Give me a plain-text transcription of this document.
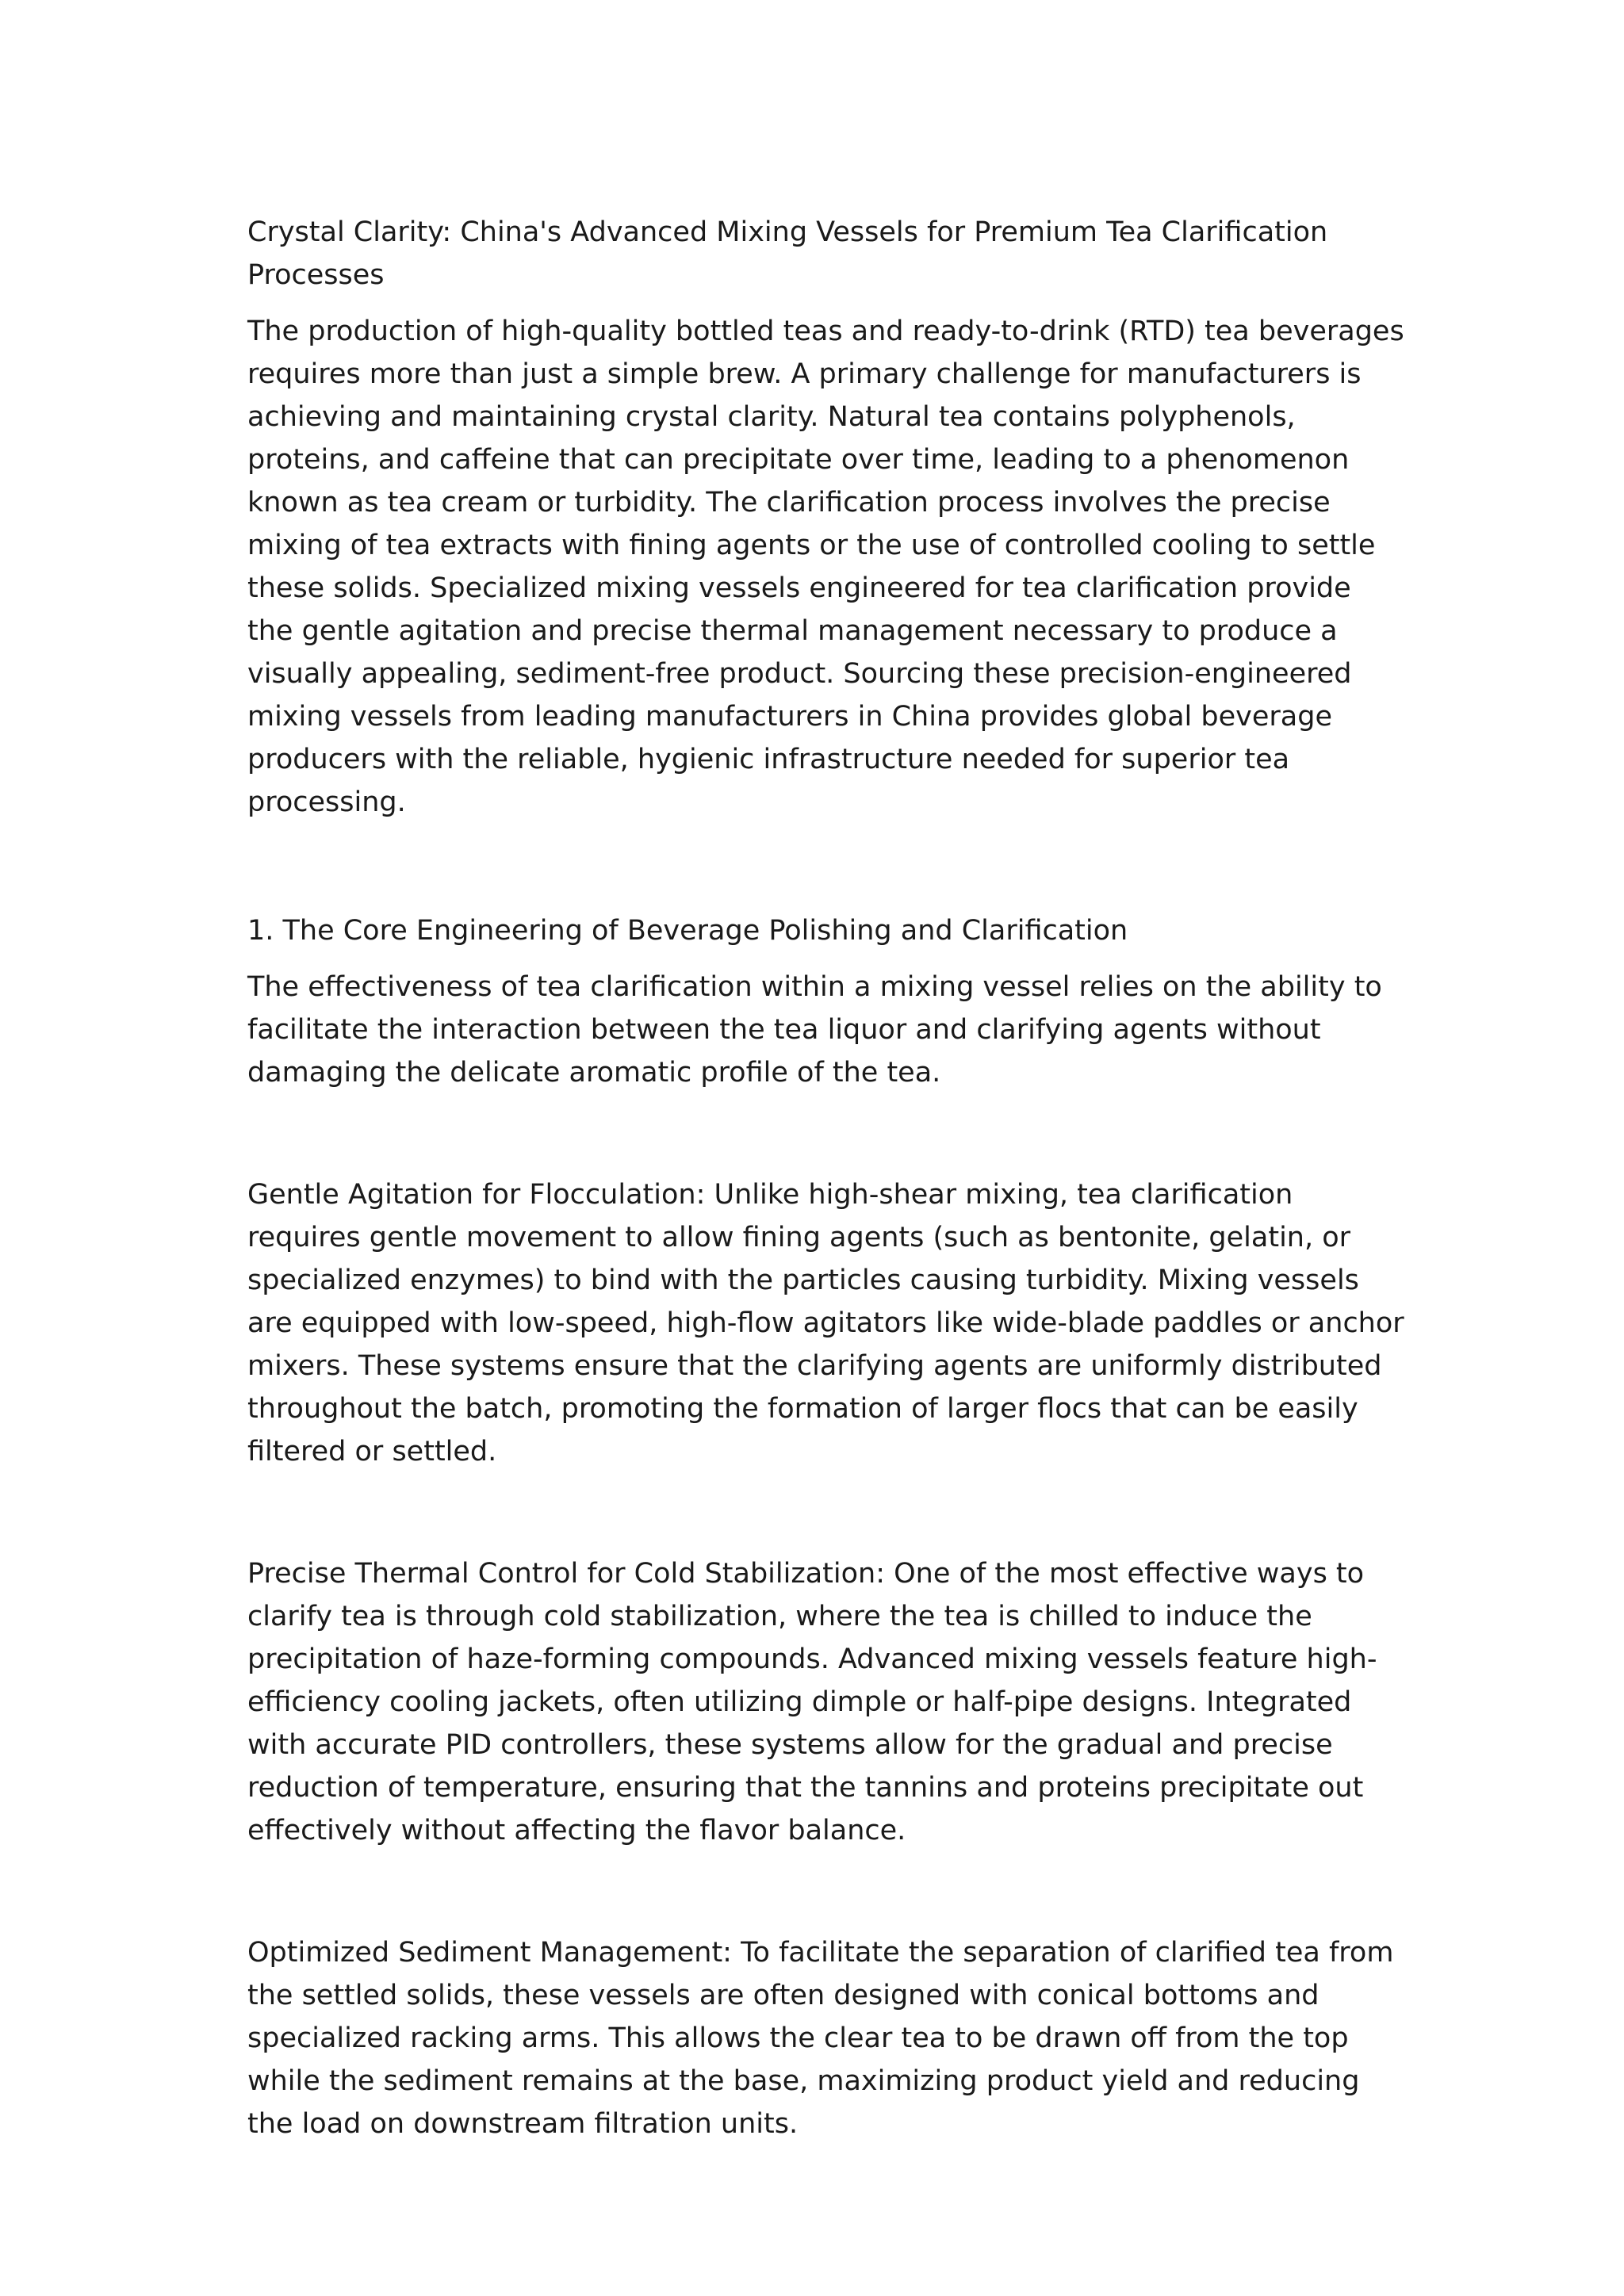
Crystal Clarity: China's Advanced Mixing Vessels for Premium Tea Clarification Processes

The production of high-quality bottled teas and ready-to-drink (RTD) tea beverages requires more than just a simple brew. A primary challenge for manufacturers is achieving and maintaining crystal clarity. Natural tea contains polyphenols, proteins, and caffeine that can precipitate over time, leading to a phenomenon known as tea cream or turbidity. The clarification process involves the precise mixing of tea extracts with fining agents or the use of controlled cooling to settle these solids. Specialized mixing vessels engineered for tea clarification provide the gentle agitation and precise thermal management necessary to produce a visually appealing, sediment-free product. Sourcing these precision-engineered mixing vessels from leading manufacturers in China provides global beverage producers with the reliable, hygienic infrastructure needed for superior tea processing.

1. The Core Engineering of Beverage Polishing and Clarification

The effectiveness of tea clarification within a mixing vessel relies on the ability to facilitate the interaction between the tea liquor and clarifying agents without damaging the delicate aromatic profile of the tea.

Gentle Agitation for Flocculation: Unlike high-shear mixing, tea clarification requires gentle movement to allow fining agents (such as bentonite, gelatin, or specialized enzymes) to bind with the particles causing turbidity. Mixing vessels are equipped with low-speed, high-flow agitators like wide-blade paddles or anchor mixers. These systems ensure that the clarifying agents are uniformly distributed throughout the batch, promoting the formation of larger flocs that can be easily filtered or settled.

Precise Thermal Control for Cold Stabilization: One of the most effective ways to clarify tea is through cold stabilization, where the tea is chilled to induce the precipitation of haze-forming compounds. Advanced mixing vessels feature high-efficiency cooling jackets, often utilizing dimple or half-pipe designs. Integrated with accurate PID controllers, these systems allow for the gradual and precise reduction of temperature, ensuring that the tannins and proteins precipitate out effectively without affecting the flavor balance.

Optimized Sediment Management: To facilitate the separation of clarified tea from the settled solids, these vessels are often designed with conical bottoms and specialized racking arms. This allows the clear tea to be drawn off from the top while the sediment remains at the base, maximizing product yield and reducing the load on downstream filtration units.
